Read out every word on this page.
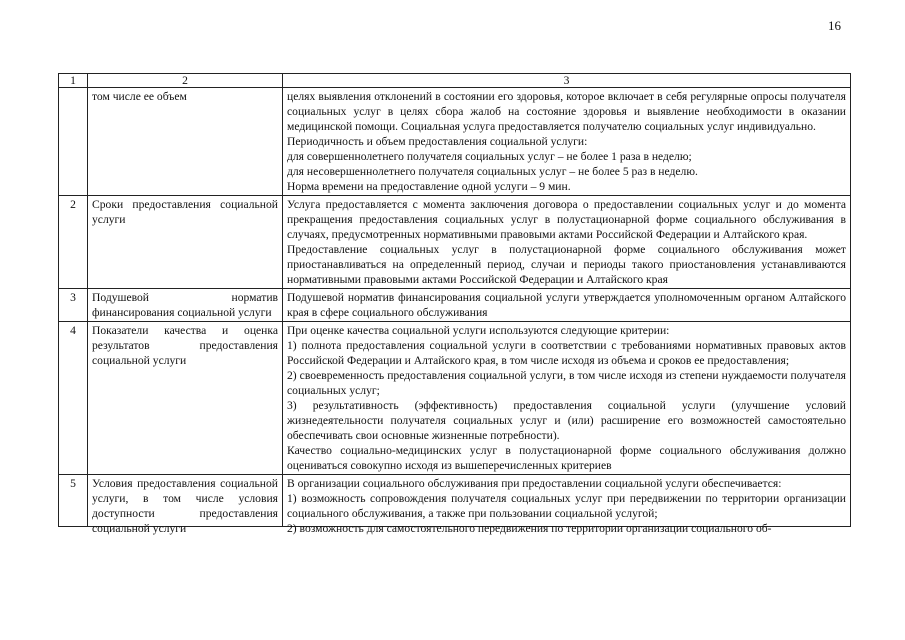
16
1	2	3
	том числе ее объем	целях выявления отклонений в состоянии его здоровья, которое включает в себя регулярные опросы получателя социальных услуг в целях сбора жалоб на состояние здоровья и выявление необходимости в оказании медицинской помощи. Социальная услуга предоставляется получателю социальных услуг индивидуально.

Периодичность и объем предоставления социальной услуги:

для совершеннолетнего получателя социальных услуг – не более 1 раза в неделю;

для несовершеннолетнего получателя социальных услуг – не более 5 раз в неделю.

Норма времени на предоставление одной услуги – 9 мин.

2	Сроки предоставления социальной услуги	Услуга предоставляется с момента заключения договора о предоставлении социальных услуг и до момента прекращения предоставления социальных услуг в полустационарной форме социального обслуживания в случаях, предусмотренных нормативными правовыми актами Российской Федерации и Алтайского края.

Предоставление социальных услуг в полустационарной форме социального обслуживания может приостанавливаться на определенный период, случаи и периоды такого приостановления устанавливаются нормативными правовыми актами Российской Федерации и Алтайского края

3	Подушевой норматив финансирования социальной услуги	Подушевой норматив финансирования социальной услуги утверждается уполномоченным органом Алтайского края в сфере социального обслуживания

4	Показатели качества и оценка результатов предоставления социальной услуги	При оценке качества социальной услуги используются следующие критерии:

1) полнота предоставления социальной услуги в соответствии с требованиями нормативных правовых актов Российской Федерации и Алтайского края, в том числе исходя из объема и сроков ее предоставления;

2) своевременность предоставления социальной услуги, в том числе исходя из степени нуждаемости получателя социальных услуг;

3) результативность (эффективность) предоставления социальной услуги (улучшение условий жизнедеятельности получателя социальных услуг и (или) расширение его возможностей самостоятельно обеспечивать свои основные жизненные потребности).

Качество социально-медицинских услуг в полустационарной форме социального обслуживания должно оцениваться совокупно исходя из вышеперечисленных критериев

5	Условия предоставления социальной услуги, в том числе условия доступности предоставления социальной услуги	В организации социального обслуживания при предоставлении социальной услуги обеспечивается:

1) возможность сопровождения получателя социальных услуг при передвижении по территории организации социального обслуживания, а также при пользовании социальной услугой;

2) возможность для самостоятельного передвижения по территории организации социального об-
